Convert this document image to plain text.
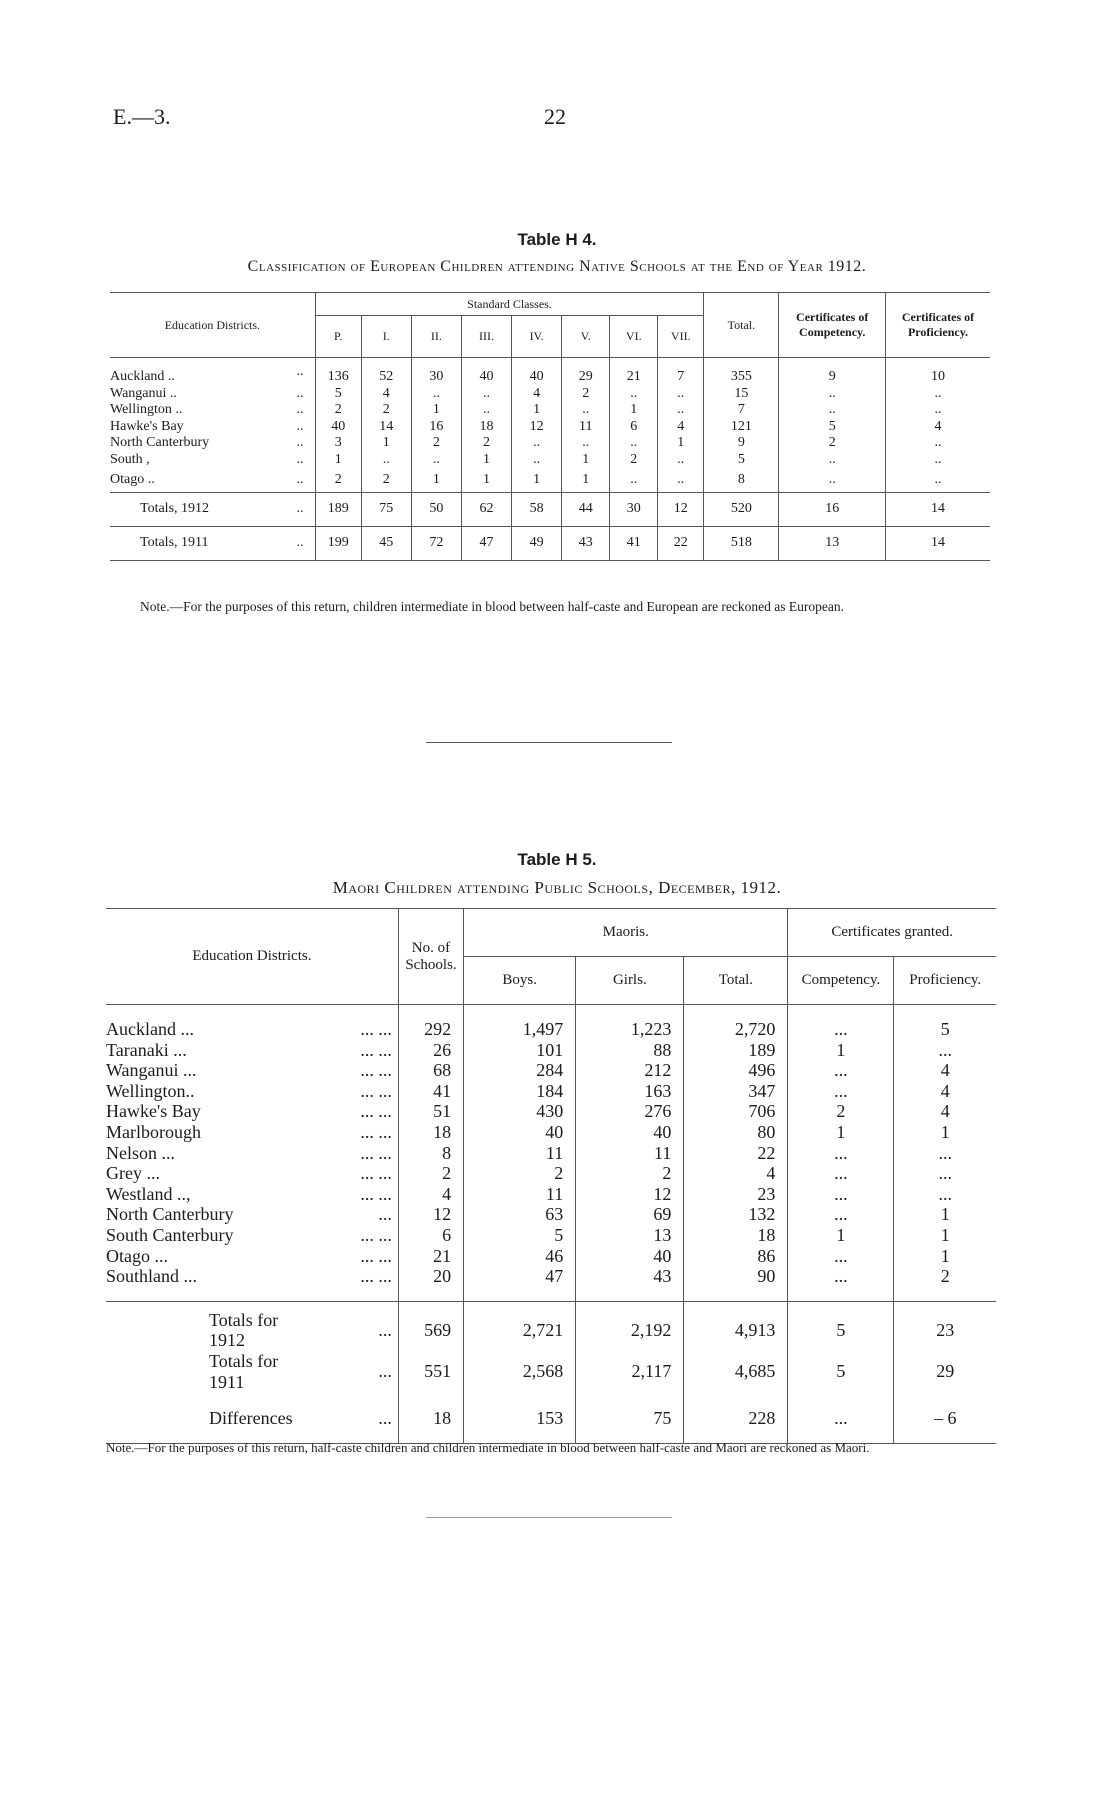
E.—3.	22
Table H 4.
Classification of European Children attending Native Schools at the End of Year 1912.
Education Districts.		Standard Classes.								Total.	Certificates of Competency.	Certificates of Proficiency.
		P.	I.	II.	III.	IV.	V.	VI.	VII.			
Auckland ..	..	136	52	30	40	40	29	21	7	355	9	10
Wanganui ..	..	5	4	..	..	4	2	..	..	15	..	..
Wellington ..	..	2	2	1	..	1	..	1	..	7	..	..
Hawke's Bay	..	40	14	16	18	12	11	6	4	121	5	4
North Canterbury	..	3	1	2	2	..	..	..	1	9	2	..
South ,	..	1	..	..	1	..	1	2	..	5	..	..
Otago ..	..	2	2	1	1	1	1	..	..	8	..	..
Totals, 1912	..	189	75	50	62	58	44	30	12	520	16	14
Totals, 1911	..	199	45	72	47	49	43	41	22	518	13	14
Note.—For the purposes of this return, children intermediate in blood between half-caste and European are reckoned as European.
Table H 5.
Maori Children attending Public Schools, December, 1912.
Education Districts.		No. of Schools.	Maoris.			Certificates granted.	
			Boys.	Girls.	Total.	Competency.	Proficiency.
Auckland ...	... ...	292	1,497	1,223	2,720	...	5
Taranaki ...	... ...	26	101	88	189	1	...
Wanganui ...	... ...	68	284	212	496	...	4
Wellington..	... ...	41	184	163	347	...	4
Hawke's Bay	... ...	51	430	276	706	2	4
Marlborough	... ...	18	40	40	80	1	1
Nelson ...	... ...	8	11	11	22	...	...
Grey ...	... ...	2	2	2	4	...	...
Westland ..,	... ...	4	11	12	23	...	...
North Canterbury	...	12	63	69	132	...	1
South Canterbury	... ...	6	5	13	18	1	1
Otago ...	... ...	21	46	40	86	...	1
Southland ...	... ...	20	47	43	90	...	2
Totals for 1912	...	569	2,721	2,192	4,913	5	23
Totals for 1911	...	551	2,568	2,117	4,685	5	29
Differences	...	18	153	75	228	...	– 6
Note.—For the purposes of this return, half-caste children and children intermediate in blood between half-caste and Maori are reckoned as Maori.
